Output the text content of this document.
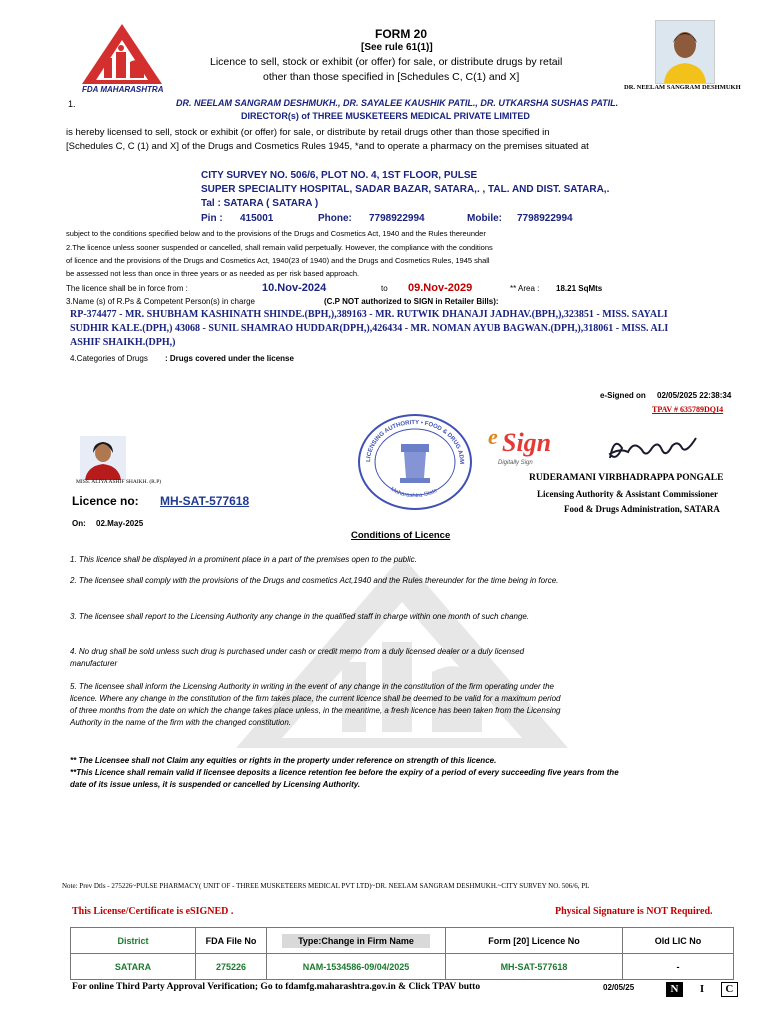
FDA MAHARASHTRA
FORM 20
[See rule 61(1)]
Licence to sell, stock or exhibit (or offer) for sale, or distribute drugs by retail
other than those specified in [Schedules C, C(1) and X]
DR. NEELAM SANGRAM DESHMUKH
1.	DR. NEELAM SANGRAM DESHMUKH., DR. SAYALEE KAUSHIK PATIL., DR. UTKARSHA SUSHAS PATIL.
DIRECTOR(s) of THREE MUSKETEERS MEDICAL PRIVATE LIMITED
is hereby licensed to sell, stock or exhibit (or offer) for sale, or distribute by retail drugs other than those specified in
[Schedules C, C (1) and X] of the Drugs and Cosmetics Rules 1945, *and to operate a pharmacy on the premises situated at
CITY SURVEY NO. 506/6, PLOT NO. 4, 1ST FLOOR, PULSE
SUPER SPECIALITY HOSPITAL, SADAR BAZAR, SATARA,. , TAL. AND DIST. SATARA,.
Tal : SATARA ( SATARA )
Pin : 415001	Phone: 7798922994	Mobile: 7798922994
subject to the conditions specified below and to the provisions of the Drugs and Cosmetics Act, 1940 and the Rules thereunder
2.The licence unless sooner suspended or cancelled, shall remain valid perpetually. However, the compliance with the conditions
of licence and the provisions of the Drugs and Cosmetics Act, 1940(23 of 1940) and the Drugs and Cosmetics Rules, 1945 shall
be assessed not less than once in three years or as needed as per risk based approach.
The licence shall be in force from :	10.Nov-2024	to 09.Nov-2029	** Area : 18.21 SqMts
3.Name (s) of R.Ps & Competent Person(s) in charge	(C.P NOT authorized to SIGN in Retailer Bills):
RP-374477 - MR. SHUBHAM KASHINATH SHINDE.(BPH,),389163 - MR. RUTWIK DHANAJI JADHAV.(BPH,),323851 - MISS. SAYALI
SUDHIR KALE.(DPH,) 43068 - SUNIL SHAMRAO HUDDAR(DPH,),426434 - MR. NOMAN AYUB BAGWAN.(DPH,),318061 - MISS. ALI
ASHIF SHAIKH.(DPH,)
4.Categories of Drugs : Drugs covered under the license
e-Signed on 02/05/2025 22:38:34
TPAV # 635789DQI4
MISS. ALIYA ASHIF SHAIKH. (R.P)
Licence no: MH-SAT-577618
On: 02.May-2025
LICENSING AUTHORITY • FOOD & DRUG ADM
Maharashtra State
e Sign
Digitally Sign
RUDERAMANI VIRBHADRAPPA PONGALE
Licensing Authority & Assistant Commissioner
Food & Drugs Administration, SATARA
Conditions of Licence
1. This licence shall be displayed in a prominent place in a part of the premises open to the public.
2. The licensee shall comply with the provisions of the Drugs and cosmetics Act,1940 and the Rules thereunder for the time being in force.
3. The licensee shall report to the Licensing Authority any change in the qualified staff in charge within one month of such change.
4. No drug shall be sold unless such drug is purchased under cash or credit memo from a duly licensed dealer or a duly licensed manufacturer
5. The licensee shall inform the Licensing Authority in writing in the event of any change in the constitution of the firm operating under the licence. Where any change in the constitution of the firm takes place, the current licence shall be deemed to be valid for a maximum period of three months from the date on which the change takes place unless, in the meantime, a fresh licence has been taken from the Licensing Authority in the name of the firm with the changed constitution.
** The Licensee shall not Claim any equities or rights in the property under reference on strength of this licence.
**This Licence shall remain valid if licensee deposits a licence retention fee before the expiry of a period of every succeeding five years from the date of its issue unless, it is suspended or cancelled by Licensing Authority.
Note: Prev Dtls - 275226~PULSE PHARMACY( UNIT OF - THREE MUSKETEERS MEDICAL PVT LTD)~DR. NEELAM SANGRAM DESHMUKH.~CITY SURVEY NO. 506/6, PL
This License/Certificate is eSIGNED .	Physical Signature is NOT Required.
District	FDA File No	Type:Change in Firm Name	Form [20] Licence No	Old LIC No
SATARA	275226	NAM-1534586-09/04/2025	MH-SAT-577618	-
For online Third Party Approval Verification; Go to fdamfg.maharashtra.gov.in & Click TPAV butto	02/05/25	N I C
